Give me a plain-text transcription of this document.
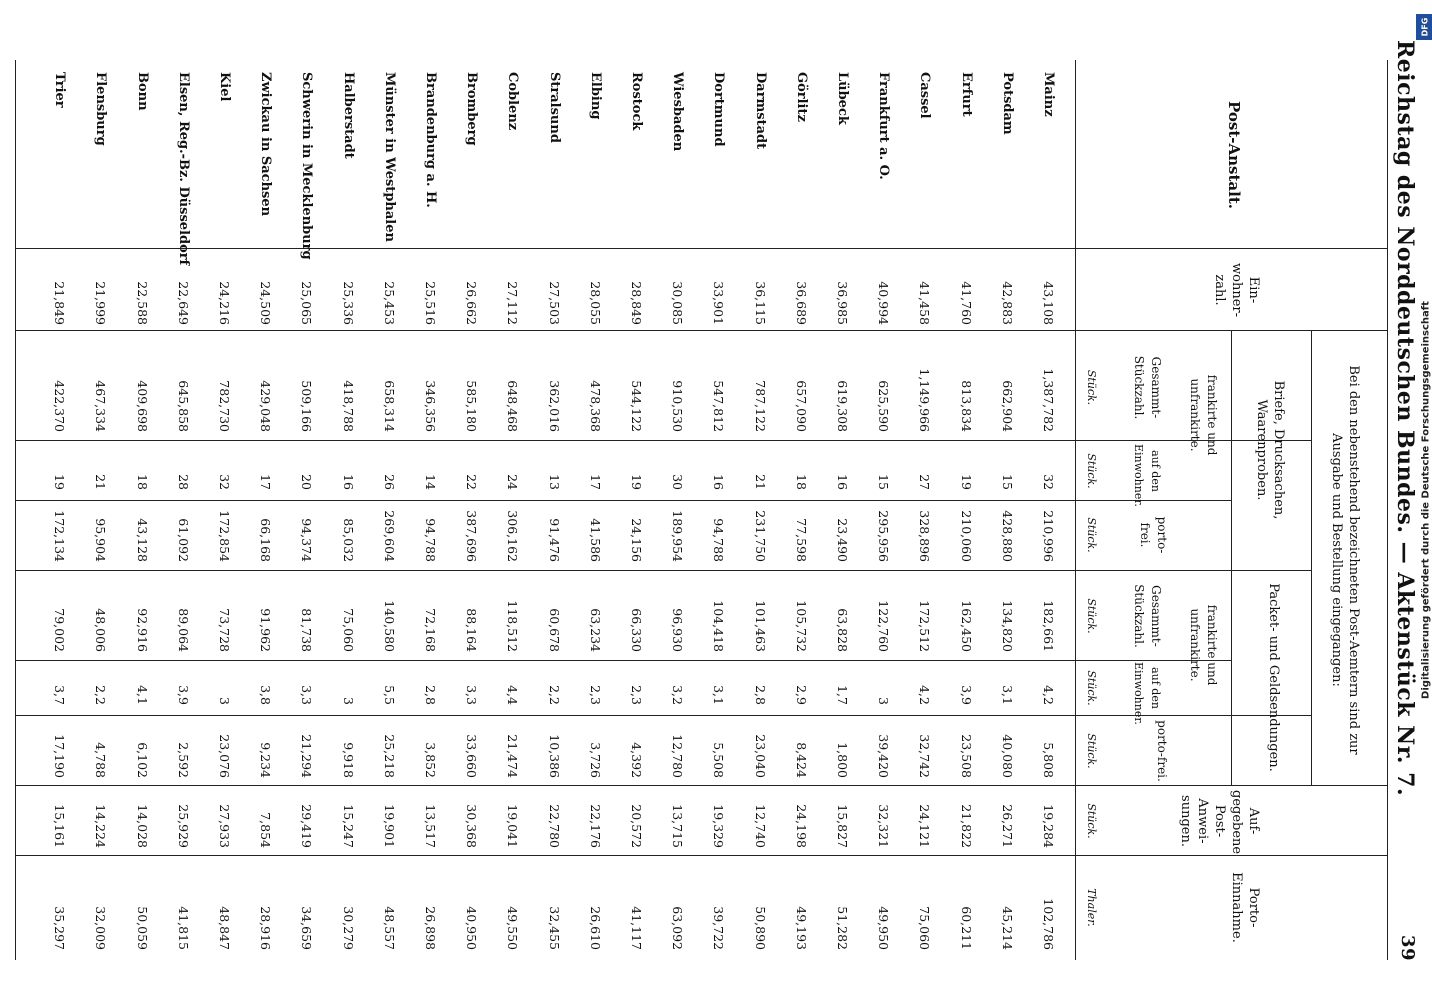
Reichstag des Norddeutschen Bundes. — Aktenstück Nr. 7.
39
Post-Anstalt.
Ein-wohner-zahl.
Bei den nebenstehend bezeichneten Post-Aemtern sind zur Ausgabe und Bestellung eingegangen:
Briefe, Drucksachen, Waarenproben.
frankirte und unfrankirte.
Gesammt-Stückzahl.
auf den Einwohner.
porto-frei.
Packet- und Geldsendungen.
frankirte und unfrankirte.
Gesammt-Stückzahl.
auf den Einwohner.
porto-frei.
Auf-gegebene Post-Anwei-sungen.
Porto-Einnahme.
Stück.
Stück.
Stück.
Stück.
Stück.
Stück.
Stück.
Thaler.
Mainz
43,108
1,387,782
32
210,996
182,661
4,2
5,808
19,284
102,786
Potsdam
42,883
662,904
15
428,880
134,820
3,1
40,080
26,271
45,214
Erfurt
41,760
813,834
19
210,060
162,450
3,9
23,508
21,822
60,211
Cassel
41,458
1,149,966
27
328,896
172,512
4,2
32,742
24,121
75,060
Frankfurt a. O.
40,994
625,590
15
295,956
122,760
3
39,420
32,321
49,950
Lübeck
36,985
619,308
16
23,490
63,828
1,7
1,800
15,827
51,282
Görlitz
36,689
657,090
18
77,598
105,732
2,9
8,424
24,198
49,193
Darmstadt
36,115
787,122
21
231,750
101,463
2,8
23,040
12,740
50,890
Dortmund
33,901
547,812
16
94,788
104,418
3,1
5,508
19,329
39,722
Wiesbaden
30,085
910,530
30
189,954
96,930
3,2
12,780
13,715
63,092
Rostock
28,849
544,122
19
24,156
66,330
2,3
4,392
20,572
41,117
Elbing
28,055
478,368
17
41,586
63,234
2,3
3,726
22,176
26,610
Stralsund
27,503
362,016
13
91,476
60,678
2,2
10,386
22,780
32,455
Coblenz
27,112
648,468
24
306,162
118,512
4,4
21,474
19,041
49,550
Bromberg
26,662
585,180
22
387,696
88,164
3,3
33,660
30,368
40,950
Brandenburg a. H.
25,516
346,356
14
94,788
72,168
2,8
3,852
13,517
26,898
Münster in Westphalen
25,453
658,314
26
269,604
140,580
5,5
25,218
19,901
48,557
Halberstadt
25,336
418,788
16
85,032
75,060
3
9,918
15,247
30,279
Schwerin in Mecklenburg
25,065
509,166
20
94,374
81,738
3,3
21,294
29,419
34,659
Zwickau in Sachsen
24,509
429,048
17
66,168
91,962
3,8
9,234
7,854
28,916
Kiel
24,216
782,730
32
172,854
73,728
3
23,076
27,933
48,847
Elsen, Reg.-Bz. Düsseldorf
22,649
645,858
28
61,092
89,064
3,9
2,592
25,929
41,815
Bonn
22,588
409,698
18
43,128
92,916
4,1
6,102
14,028
50,059
Flensburg
21,999
467,334
21
95,904
48,006
2,2
4,788
14,224
32,009
Trier
21,849
422,370
19
172,134
79,002
3,7
17,190
15,161
35,297
Digitalisierung gefördert durch die Deutsche Forschungsgemeinschaft
DFG
